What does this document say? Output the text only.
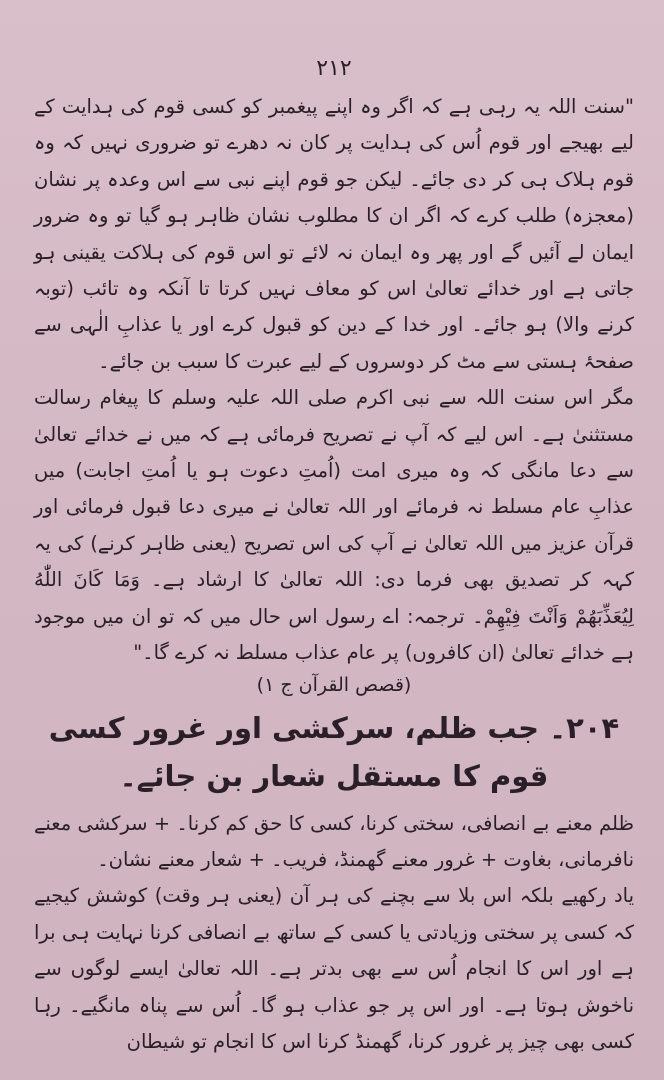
۲۱۲

"سنت اللہ یہ رہی ہے کہ اگر وہ اپنے پیغمبر کو کسی قوم کی ہدایت کے لیے بھیجے اور قوم اُس کی ہدایت پر کان نہ دھرے تو ضروری نہیں کہ وہ قوم ہلاک ہی کر دی جائے۔ لیکن جو قوم اپنے نبی سے اس وعدہ پر نشان (معجزہ) طلب کرے کہ اگر ان کا مطلوب نشان ظاہر ہو گیا تو وہ ضرور ایمان لے آئیں گے اور پھر وہ ایمان نہ لائے تو اس قوم کی ہلاکت یقینی ہو جاتی ہے اور خدائے تعالیٰ اس کو معاف نہیں کرتا تا آنکہ وہ تائب (توبہ کرنے والا) ہو جائے۔ اور خدا کے دین کو قبول کرے اور یا عذابِ الٰہی سے صفحۂ ہستی سے مٹ کر دوسروں کے لیے عبرت کا سبب بن جائے۔

مگر اس سنت اللہ سے نبی اکرم صلی اللہ علیہ وسلم کا پیغام رسالت مستثنیٰ ہے۔ اس لیے کہ آپ نے تصریح فرمائی ہے کہ میں نے خدائے تعالیٰ سے دعا مانگی کہ وہ میری امت (اُمتِ دعوت ہو یا اُمتِ اجابت) میں عذابِ عام مسلط نہ فرمائے اور اللہ تعالیٰ نے میری دعا قبول فرمائی اور قرآن عزیز میں اللہ تعالیٰ نے آپ کی اس تصریح (یعنی ظاہر کرنے) کی یہ کہہ کر تصدیق بھی فرما دی: اللہ تعالیٰ کا ارشاد ہے۔ وَمَا كَانَ اللّٰهُ لِيُعَذِّبَهُمْ وَاَنْتَ فِيْهِمْ۔ ترجمہ: اے رسول اس حال میں کہ تو ان میں موجود ہے خدائے تعالیٰ (ان کافروں) پر عام عذاب مسلط نہ کرے گا۔"

(قصص القرآن ج ۱)
۲۰۴۔ جب ظلم، سرکشی اور غرور کسی قوم کا مستقل شعار بن جائے۔

ظلم معنے بے انصافی، سختی کرنا، کسی کا حق کم کرنا۔ + سرکشی معنے نافرمانی، بغاوت + غرور معنے گھمنڈ، فریب۔ + شعار معنے نشان۔

یاد رکھیے بلکہ اس بلا سے بچنے کی ہر آن (یعنی ہر وقت) کوشش کیجیے کہ کسی پر سختی وزیادتی یا کسی کے ساتھ بے انصافی کرنا نہایت ہی برا ہے اور اس کا انجام اُس سے بھی بدتر ہے۔ اللہ تعالیٰ ایسے لوگوں سے ناخوش ہوتا ہے۔ اور اس پر جو عذاب ہو گا۔ اُس سے پناہ مانگیے۔ رہا کسی بھی چیز پر غرور کرنا، گھمنڈ کرنا اس کا انجام تو شیطان
